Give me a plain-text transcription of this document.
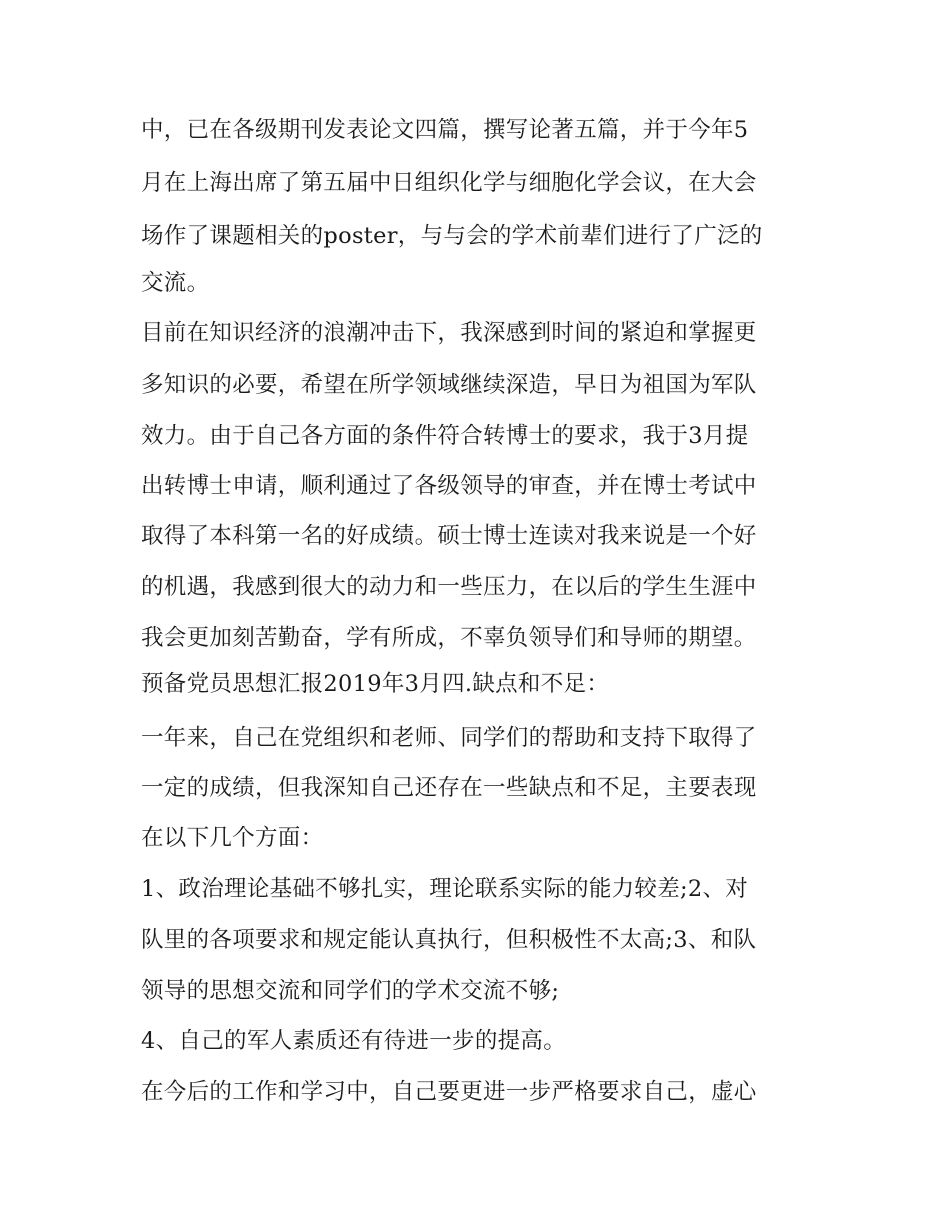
中，已在各级期刊发表论文四篇，撰写论著五篇，并于今年5
月在上海出席了第五届中日组织化学与细胞化学会议，在大会
场作了课题相关的poster，与与会的学术前辈们进行了广泛的
交流。
目前在知识经济的浪潮冲击下，我深感到时间的紧迫和掌握更
多知识的必要，希望在所学领域继续深造，早日为祖国为军队
效力。由于自己各方面的条件符合转博士的要求，我于3月提
出转博士申请，顺利通过了各级领导的审查，并在博士考试中
取得了本科第一名的好成绩。硕士博士连读对我来说是一个好
的机遇，我感到很大的动力和一些压力，在以后的学生生涯中
我会更加刻苦勤奋，学有所成，不辜负领导们和导师的期望。
预备党员思想汇报2019年3月四.缺点和不足：
一年来，自己在党组织和老师、同学们的帮助和支持下取得了
一定的成绩，但我深知自己还存在一些缺点和不足，主要表现
在以下几个方面：
1、政治理论基础不够扎实，理论联系实际的能力较差;2、对
队里的各项要求和规定能认真执行，但积极性不太高;3、和队
领导的思想交流和同学们的学术交流不够;
4、自己的军人素质还有待进一步的提高。
在今后的工作和学习中，自己要更进一步严格要求自己，虚心
